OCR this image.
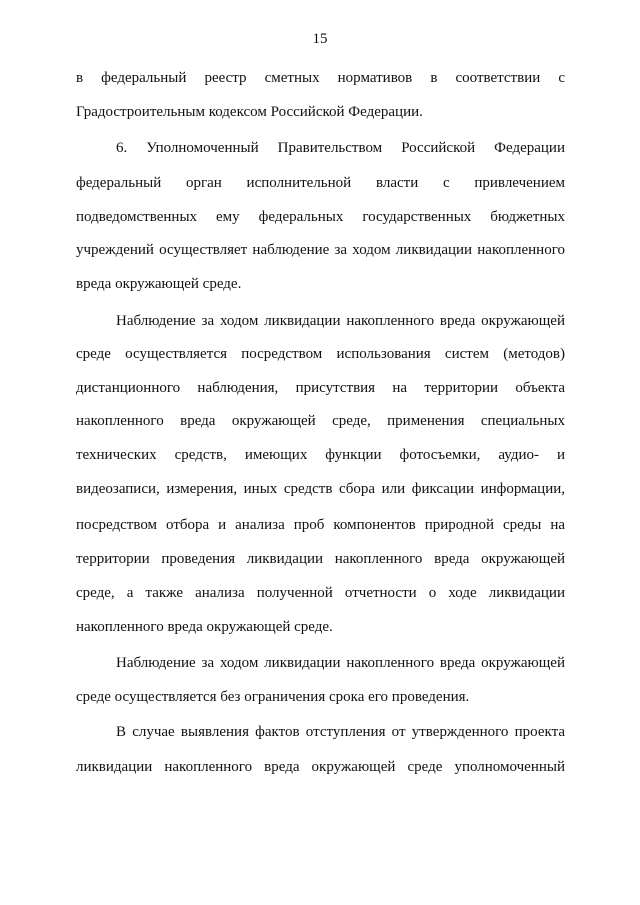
15
в федеральный реестр сметных нормативов в соответствии с
Градостроительным кодексом Российской Федерации.
6. Уполномоченный Правительством Российской Федерации
федеральный орган исполнительной власти с привлечением
подведомственных ему федеральных государственных бюджетных
учреждений осуществляет наблюдение за ходом ликвидации накопленного
вреда окружающей среде.
Наблюдение за ходом ликвидации накопленного вреда окружающей
среде осуществляется посредством использования систем (методов)
дистанционного наблюдения, присутствия на территории объекта
накопленного вреда окружающей среде, применения специальных
технических средств, имеющих функции фотосъемки, аудио- и
видеозаписи, измерения, иных средств сбора или фиксации информации,
посредством отбора и анализа проб компонентов природной среды на
территории проведения ликвидации накопленного вреда окружающей
среде, а также анализа полученной отчетности о ходе ликвидации
накопленного вреда окружающей среде.
Наблюдение за ходом ликвидации накопленного вреда окружающей
среде осуществляется без ограничения срока его проведения.
В случае выявления фактов отступления от утвержденного проекта
ликвидации накопленного вреда окружающей среде уполномоченный
